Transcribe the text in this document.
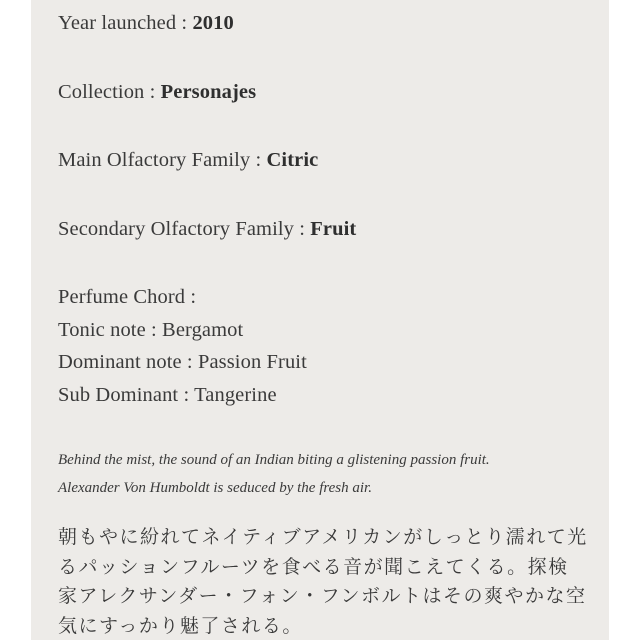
Year launched : 2010
Collection : Personajes
Main Olfactory Family : Citric
Secondary Olfactory Family : Fruit
Perfume Chord :
Tonic note : Bergamot
Dominant note : Passion Fruit
Sub Dominant : Tangerine
Behind the mist, the sound of an Indian biting a glistening passion fruit.
Alexander Von Humboldt is seduced by the fresh air.

朝もやに紛れてネイティブアメリカンがしっとり濡れて光るパッションフルーツを食べる音が聞こえてくる。探検家アレクサンダー・フォン・フンボルトはその爽やかな空気にすっかり魅了される。
